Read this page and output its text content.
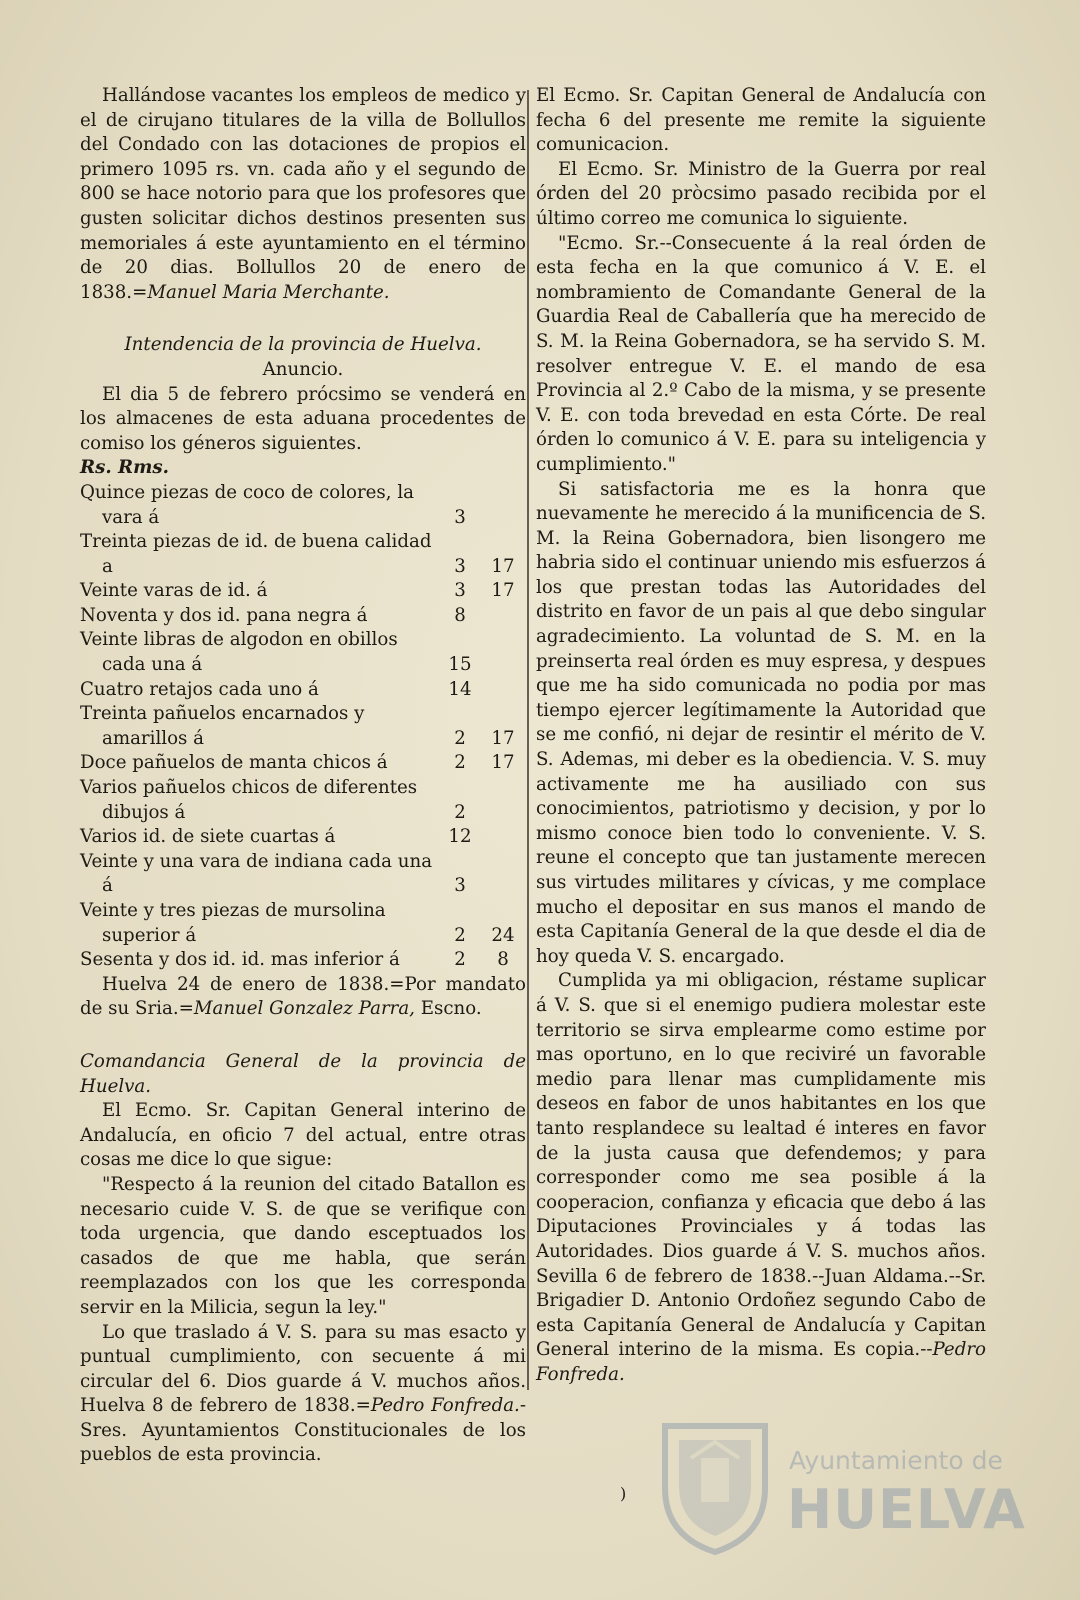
Hallándose vacantes los empleos de medico y el de cirujano titulares de la villa de Bollullos del Condado con las dotaciones de propios el primero 1095 rs. vn. cada año y el segundo de 800 se hace notorio para que los profesores que gusten solicitar dichos destinos presenten sus memoriales á este ayuntamiento en el término de 20 dias. Bollullos 20 de enero de 1838.=Manuel Maria Merchante.

Intendencia de la provincia de Huelva.

Anuncio.

El dia 5 de febrero prócsimo se venderá en los almacenes de esta aduana procedentes de comiso los géneros siguientes.

Rs. Rms.

Quince piezas de coco de colores, la vara á	3
Treinta piezas de id. de buena calidad a	3	17
Veinte varas de id. á	3	17
Noventa y dos id. pana negra á	8
Veinte libras de algodon en obillos cada una á	15
Cuatro retajos cada uno á	14
Treinta pañuelos encarnados y amarillos á	2	17
Doce pañuelos de manta chicos á	2	17
Varios pañuelos chicos de diferentes dibujos á	2
Varios id. de siete cuartas á	12
Veinte y una vara de indiana cada una á	3
Veinte y tres piezas de mursolina superior á	2	24
Sesenta y dos id. id. mas inferior á	2	8

Huelva 24 de enero de 1838.=Por mandato de su Sria.=Manuel Gonzalez Parra, Escno.

Comandancia General de la provincia de Huelva.

El Ecmo. Sr. Capitan General interino de Andalucía, en oficio 7 del actual, entre otras cosas me dice lo que sigue:

"Respecto á la reunion del citado Batallon es necesario cuide V. S. de que se verifique con toda urgencia, que dando esceptuados los casados de que me habla, que serán reemplazados con los que les corresponda servir en la Milicia, segun la ley."

Lo que traslado á V. S. para su mas esacto y puntual cumplimiento, con secuente á mi circular del 6. Dios guarde á V. muchos años. Huelva 8 de febrero de 1838.=Pedro Fonfreda.- Sres. Ayuntamientos Constitucionales de los pueblos de esta provincia.

El Ecmo. Sr. Capitan General de Andalucía con fecha 6 del presente me remite la siguiente comunicacion.

El Ecmo. Sr. Ministro de la Guerra por real órden del 20 pròcsimo pasado recibida por el último correo me comunica lo siguiente.

"Ecmo. Sr.--Consecuente á la real órden de esta fecha en la que comunico á V. E. el nombramiento de Comandante General de la Guardia Real de Caballería que ha merecido de S. M. la Reina Gobernadora, se ha servido S. M. resolver entregue V. E. el mando de esa Provincia al 2.º Cabo de la misma, y se presente V. E. con toda brevedad en esta Córte. De real órden lo comunico á V. E. para su inteligencia y cumplimiento."

Si satisfactoria me es la honra que nuevamente he merecido á la munificencia de S. M. la Reina Gobernadora, bien lisongero me habria sido el continuar uniendo mis esfuerzos á los que prestan todas las Autoridades del distrito en favor de un pais al que debo singular agradecimiento. La voluntad de S. M. en la preinserta real órden es muy espresa, y despues que me ha sido comunicada no podia por mas tiempo ejercer legítimamente la Autoridad que se me confió, ni dejar de resintir el mérito de V. S. Ademas, mi deber es la obediencia. V. S. muy activamente me ha ausiliado con sus conocimientos, patriotismo y decision, y por lo mismo conoce bien todo lo conveniente. V. S. reune el concepto que tan justamente merecen sus virtudes militares y cívicas, y me complace mucho el depositar en sus manos el mando de esta Capitanía General de la que desde el dia de hoy queda V. S. encargado.

Cumplida ya mi obligacion, réstame suplicar á V. S. que si el enemigo pudiera molestar este territorio se sirva emplearme como estime por mas oportuno, en lo que reciviré un favorable medio para llenar mas cumplidamente mis deseos en fabor de unos habitantes en los que tanto resplandece su lealtad é interes en favor de la justa causa que defendemos; y para corresponder como me sea posible á la cooperacion, confianza y eficacia que debo á las Diputaciones Provinciales y á todas las Autoridades. Dios guarde á V. S. muchos años. Sevilla 6 de febrero de 1838.--Juan Aldama.--Sr. Brigadier D. Antonio Ordoñez segundo Cabo de esta Capitanía General de Andalucía y Capitan General interino de la misma. Es copia.--Pedro Fonfreda.

)
Ayuntamiento de
HUELVA
